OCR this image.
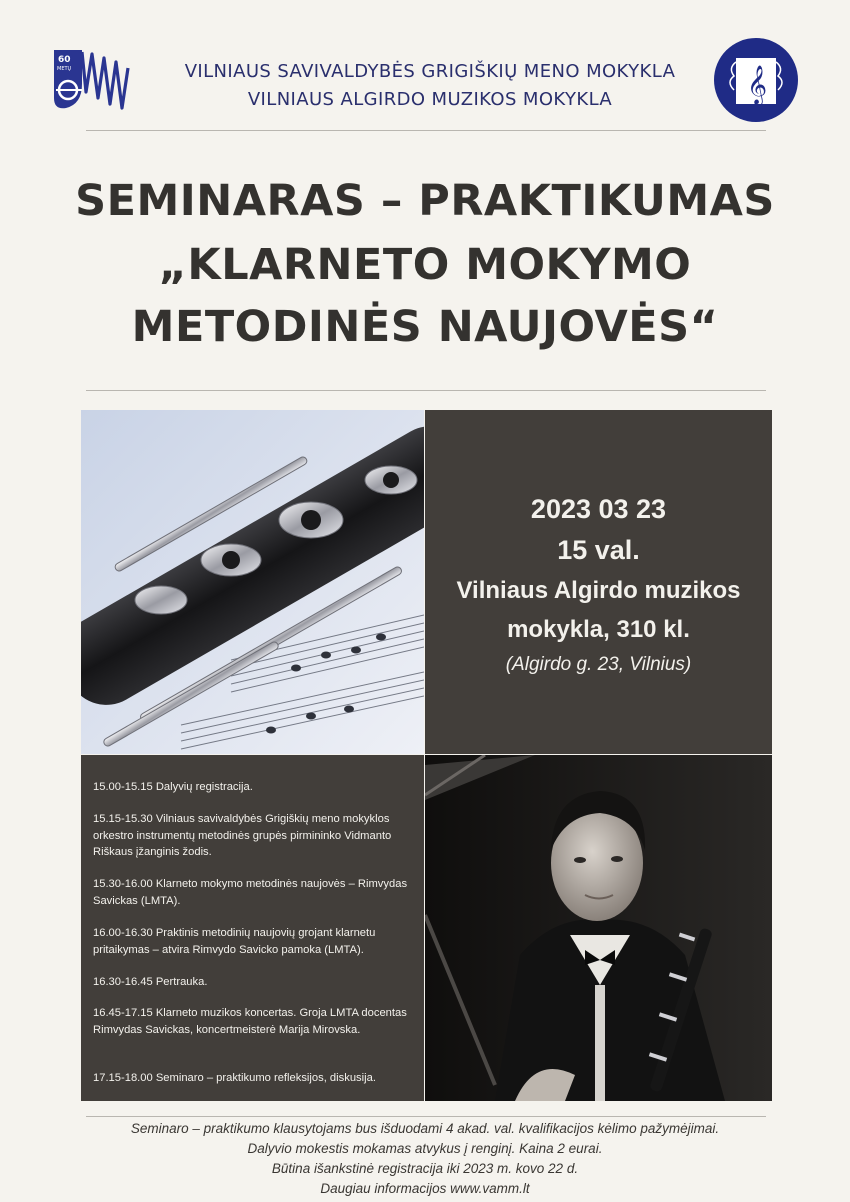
60
METŲ	VILNIAUS SAVIVALDYBĖS GRIGIŠKIŲ MENO MOKYKLA
VILNIAUS ALGIRDO MUZIKOS MOKYKLA	𝄞
SEMINARAS – PRAKTIKUMAS
„KLARNETO MOKYMO
METODINĖS NAUJOVĖS“
2023 03 23
15 val.
Vilniaus Algirdo muzikos
mokykla, 310 kl.
(Algirdo g. 23, Vilnius)
15.00-15.15 Dalyvių registracija.
15.15-15.30 Vilniaus savivaldybės Grigiškių meno mokyklos orkestro instrumentų metodinės grupės pirmininko Vidmanto Riškaus įžanginis žodis.
15.30-16.00 Klarneto mokymo metodinės naujovės – Rimvydas Savickas (LMTA).
16.00-16.30 Praktinis metodinių naujovių grojant klarnetu pritaikymas – atvira Rimvydo Savicko pamoka (LMTA).
16.30-16.45 Pertrauka.
16.45-17.15 Klarneto muzikos koncertas. Groja LMTA docentas Rimvydas Savickas, koncertmeisterė Marija Mirovska.
17.15-18.00 Seminaro – praktikumo refleksijos, diskusija.
Seminaro – praktikumo klausytojams bus išduodami 4 akad. val. kvalifikacijos kėlimo pažymėjimai.
Dalyvio mokestis mokamas atvykus į renginį. Kaina 2 eurai.
Būtina išankstinė registracija iki 2023 m. kovo 22 d.
Daugiau informacijos www.vamm.lt
